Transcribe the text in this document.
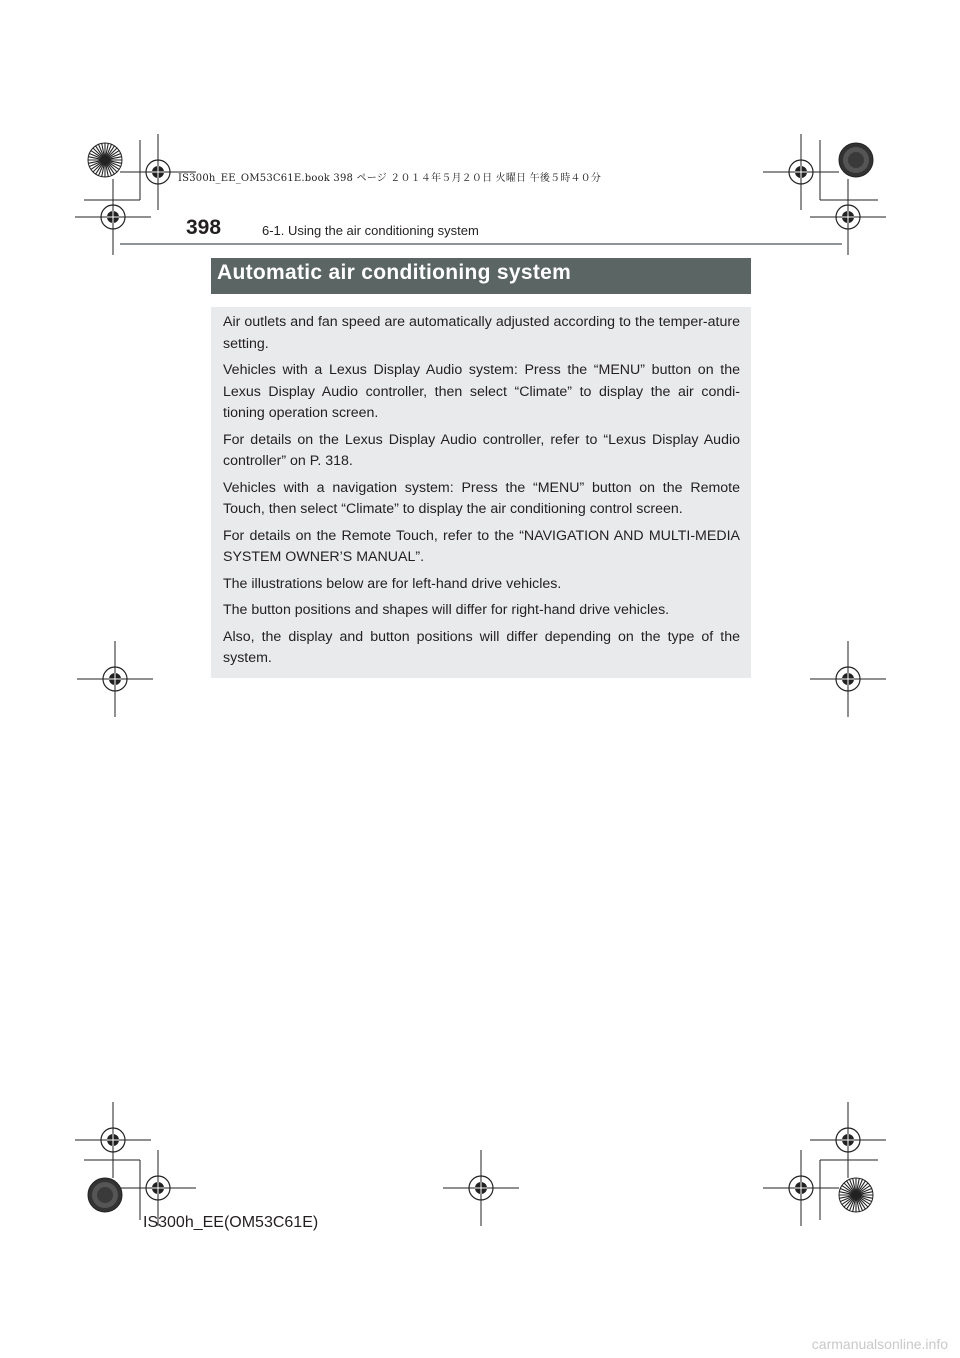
IS300h_EE_OM53C61E.book 398 ページ ２０１４年５月２０日 火曜日 午後５時４０分
398	6-1. Using the air conditioning system
Automatic air conditioning system

Air outlets and fan speed are automatically adjusted according to the temper-ature setting.

Vehicles with a Lexus Display Audio system: Press the “MENU” button on the Lexus Display Audio controller, then select “Climate” to display the air condi-tioning operation screen.

For details on the Lexus Display Audio controller, refer to “Lexus Display Audio controller” on P. 318.

Vehicles with a navigation system: Press the “MENU” button on the Remote Touch, then select “Climate” to display the air conditioning control screen.

For details on the Remote Touch, refer to the “NAVIGATION AND MULTI-MEDIA SYSTEM OWNER’S MANUAL”.

The illustrations below are for left-hand drive vehicles.

The button positions and shapes will differ for right-hand drive vehicles.

Also, the display and button positions will differ depending on the type of the system.

IS300h_EE(OM53C61E)
carmanualsonline.info
